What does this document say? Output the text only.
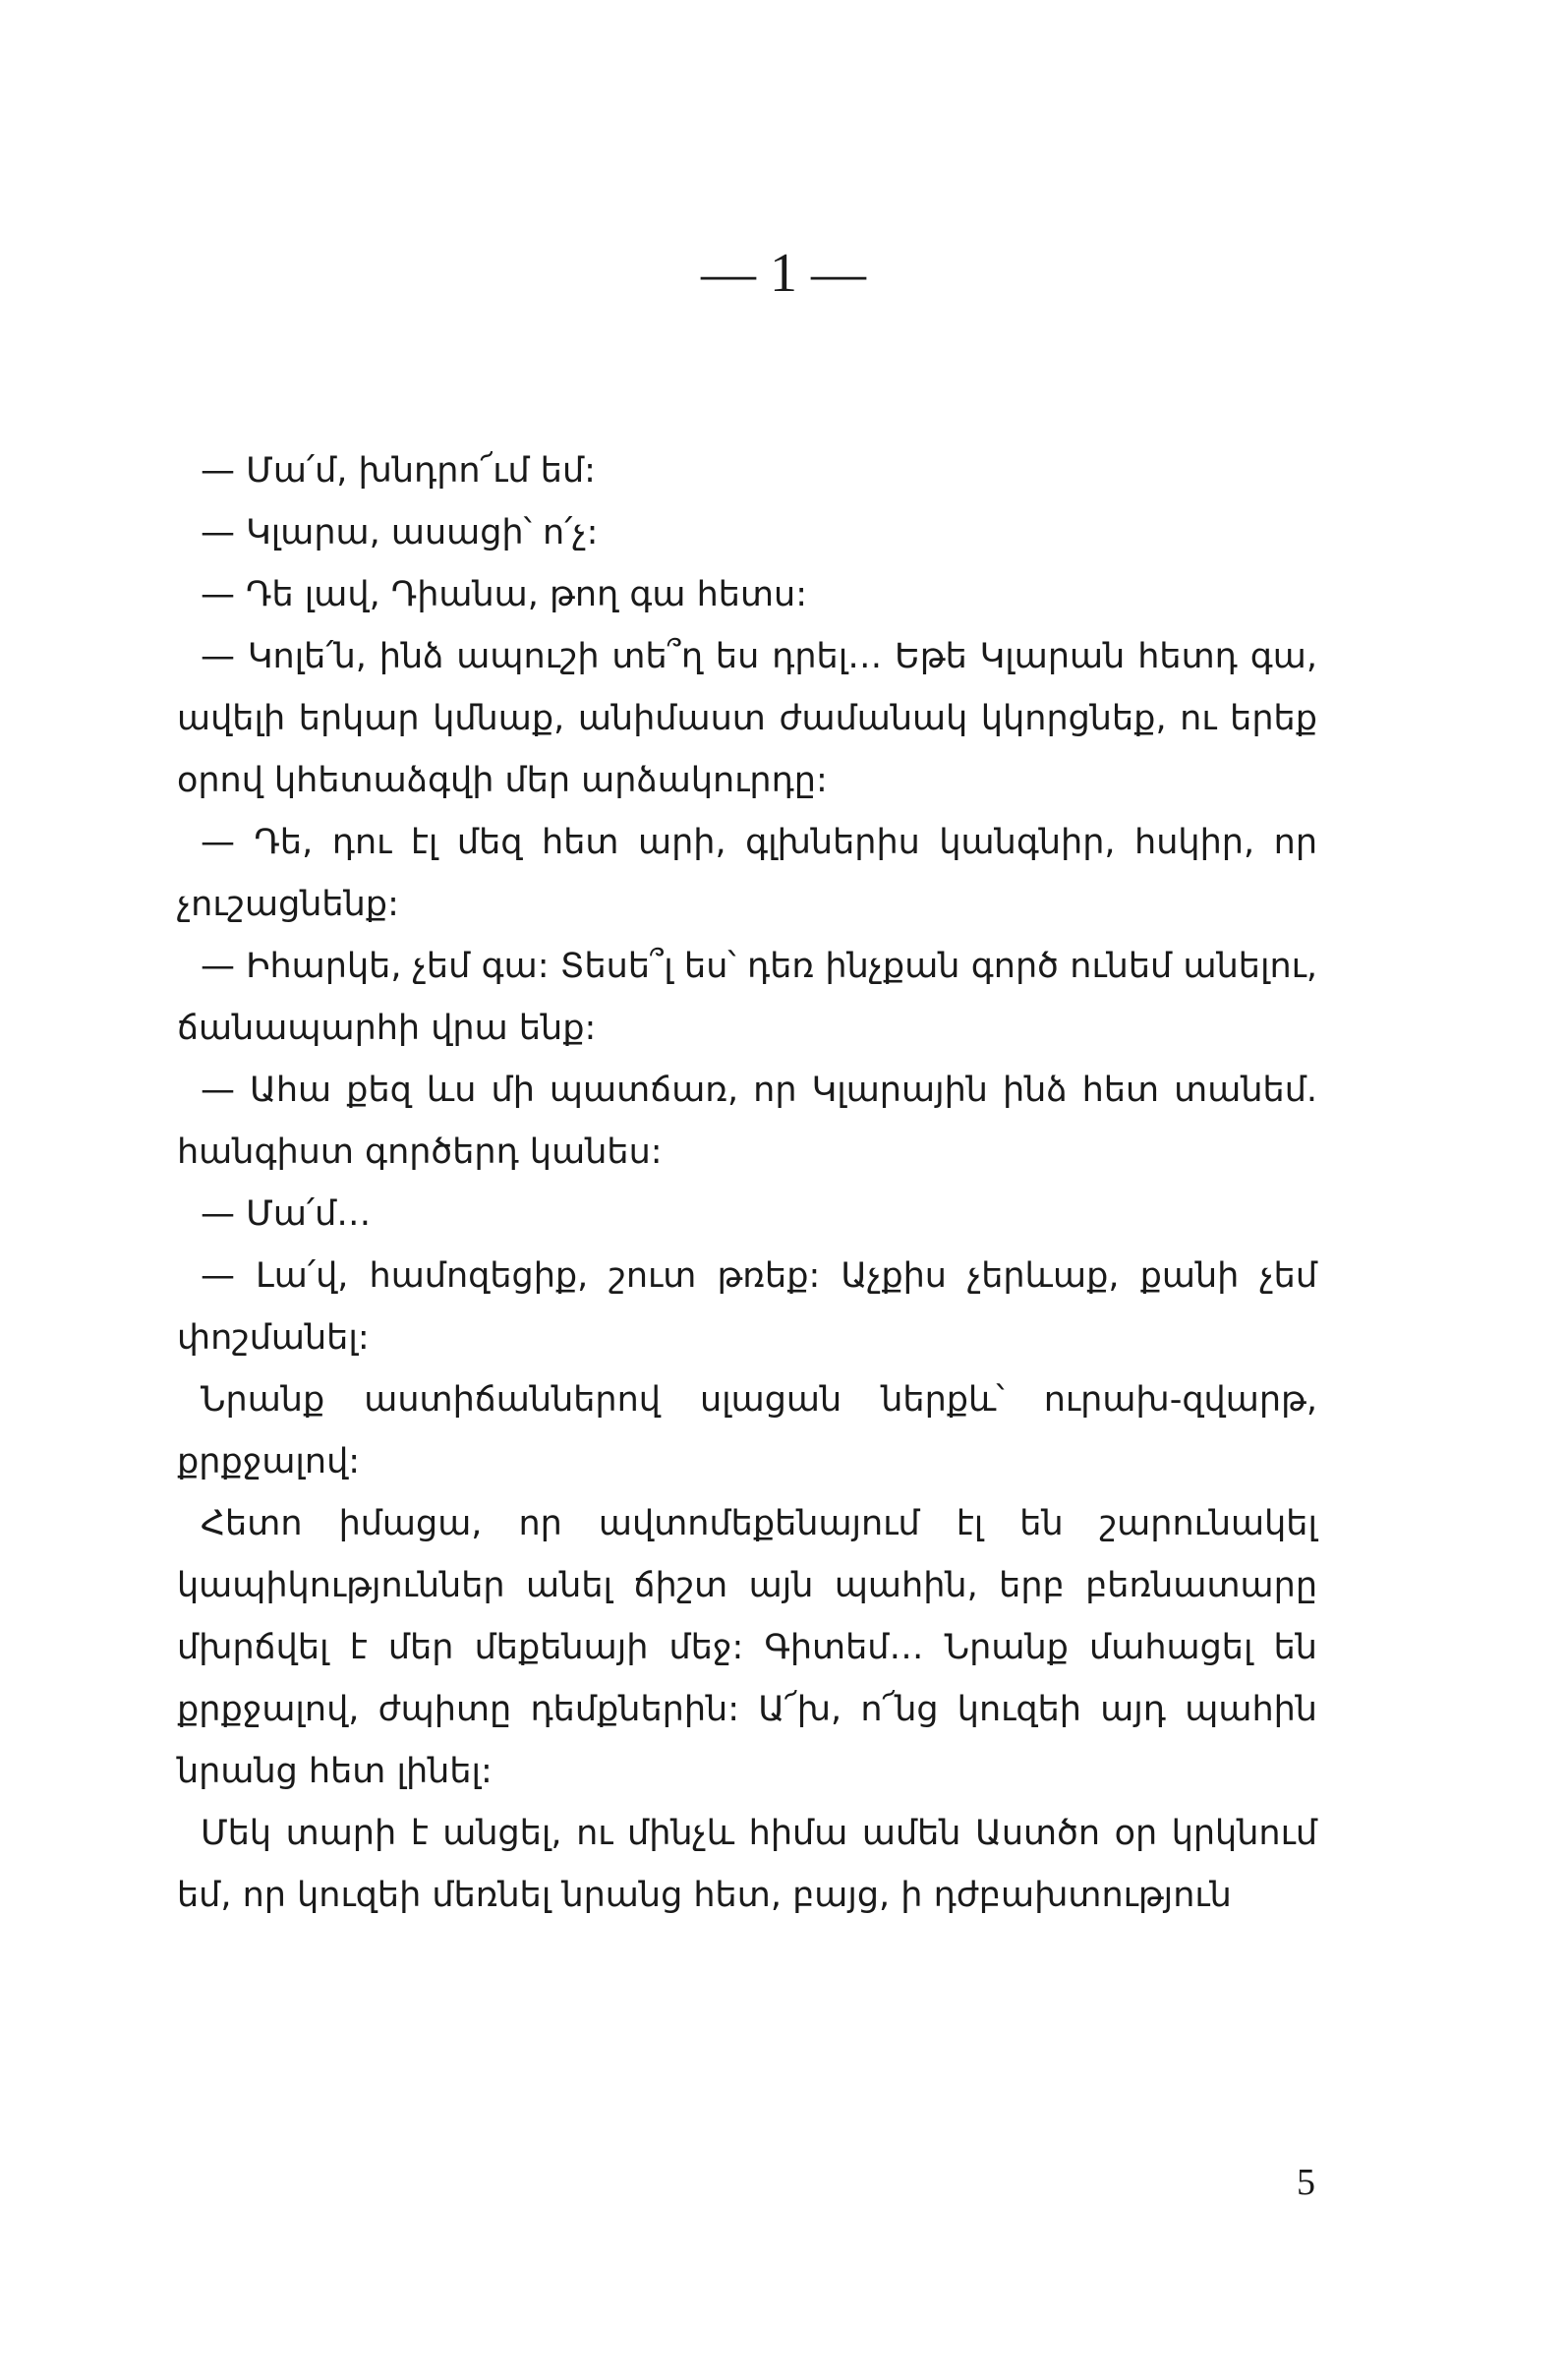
— 1 —

— Մա՛մ, խնդրո՜ւմ եմ:

— Կլարա, ասացի՝ ո՛չ:

— Դե լավ, Դիանա, թող գա հետս:

— Կոլե՛ն, ինձ ապուշի տե՞ղ ես դրել… Եթե Կլարան հետդ գա, ավելի երկար կմնաք, անիմաստ ժամանակ կկորցնեք, ու երեք օրով կհետաձգվի մեր արձակուրդը:

— Դե, դու էլ մեզ հետ արի, գլխներիս կանգնիր, հսկիր, որ չուշացնենք:

— Իհարկե, չեմ գա: Տեսե՞լ ես՝ դեռ ինչքան գործ ունեմ անելու, ճանապարհի վրա ենք:

— Ահա քեզ ևս մի պատճառ, որ Կլարային ինձ հետ տանեմ. հանգիստ գործերդ կանես:

— Մա՛մ…

— Լա՛վ, համոզեցիք, շուտ թռեք: Աչքիս չերևաք, քանի չեմ փոշմանել:

Նրանք աստիճաններով սլացան ներքև՝ ուրախ-զվարթ, քրքջալով:

Հետո իմացա, որ ավտոմեքենայում էլ են շարունակել կապիկություններ անել ճիշտ այն պահին, երբ բեռնատարը մխրճվել է մեր մեքենայի մեջ: Գիտեմ… Նրանք մահացել են քրքջալով, ժպիտը դեմքներին: Ա՜խ, ո՜նց կուզեի այդ պահին նրանց հետ լինել:

Մեկ տարի է անցել, ու մինչև հիմա ամեն Աստծո օր կրկնում եմ, որ կուզեի մեռնել նրանց հետ, բայց, ի դժբախտություն

5
